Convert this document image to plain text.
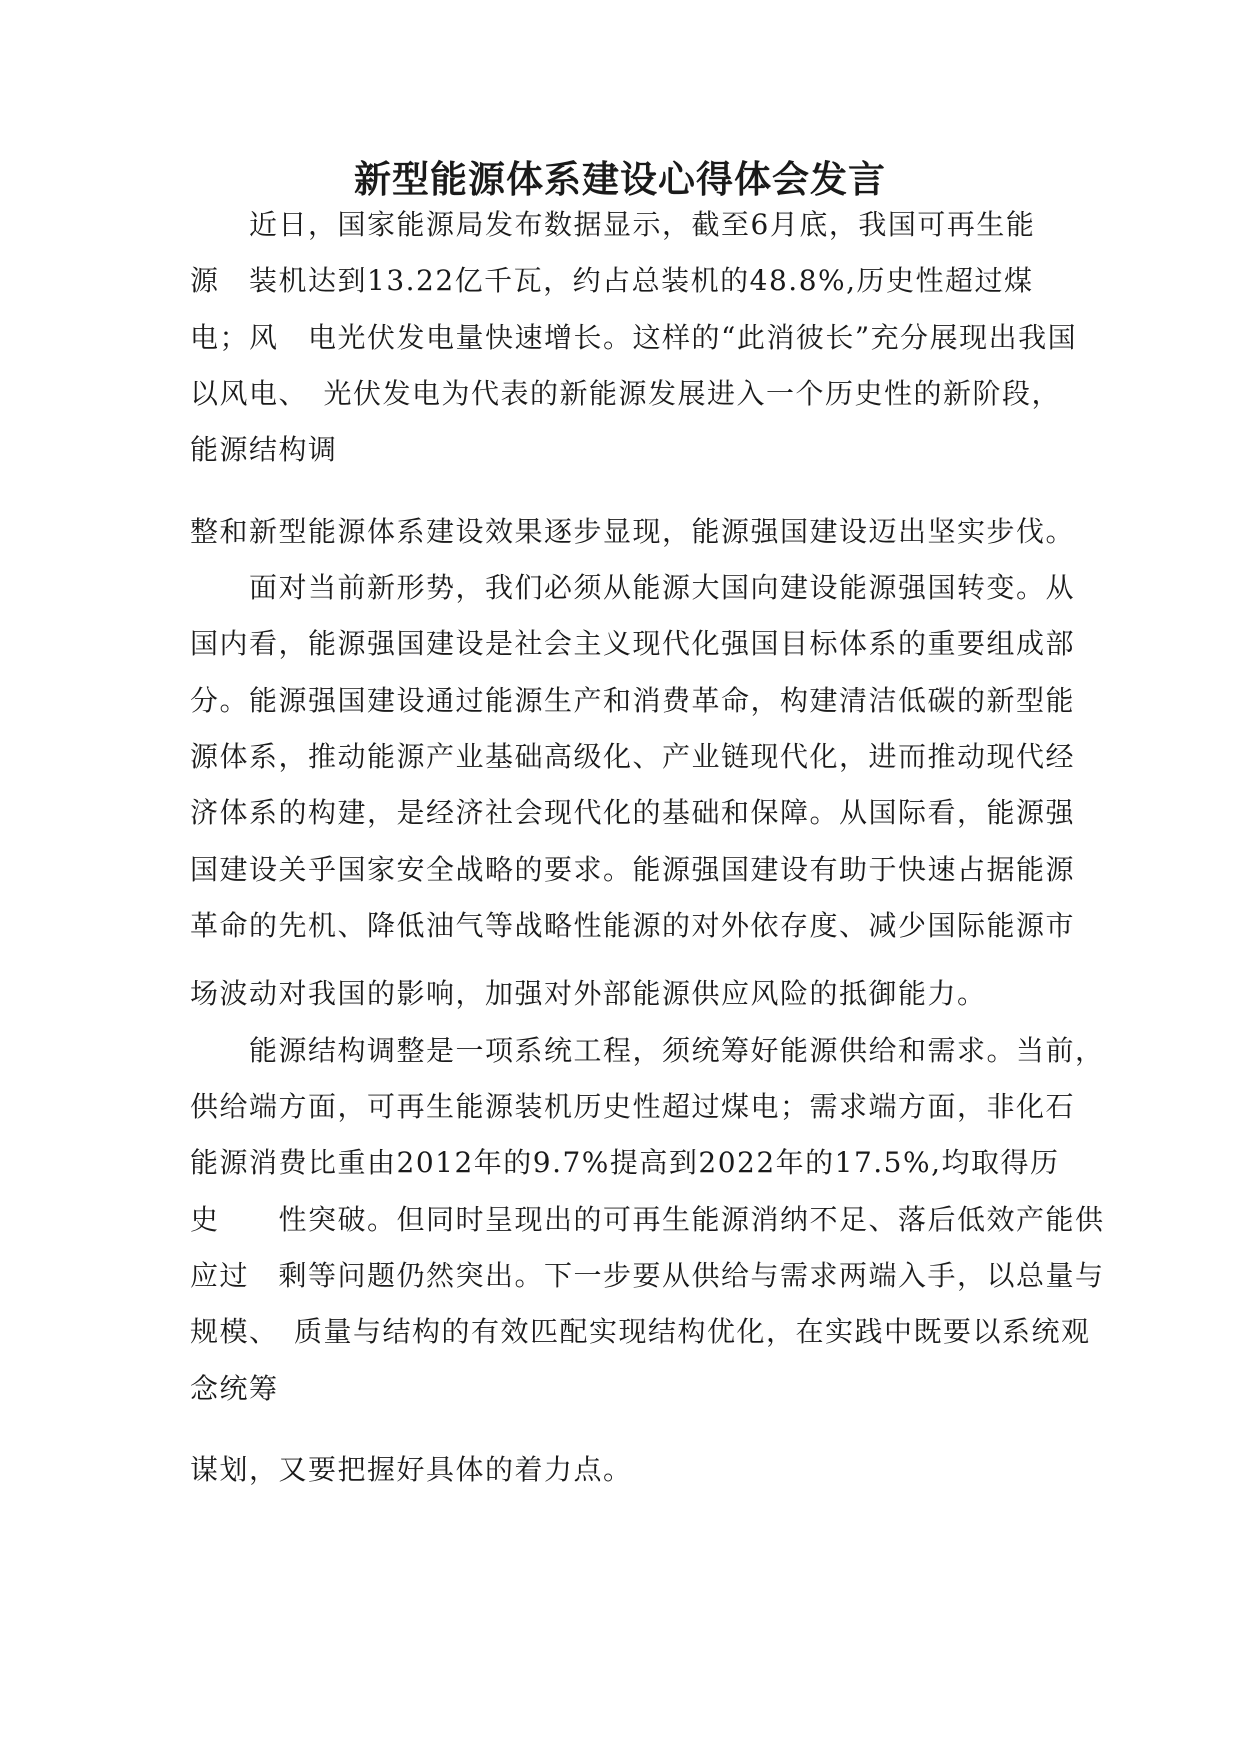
新型能源体系建设心得体会发言
　　近日，国家能源局发布数据显示，截至6月底，我国可再生能
源　装机达到13.22亿千瓦，约占总装机的48.8%,历史性超过煤
电；风　电光伏发电量快速增长。这样的“此消彼长”充分展现出我国
以风电、　光伏发电为代表的新能源发展进入一个历史性的新阶段，
能源结构调
整和新型能源体系建设效果逐步显现，能源强国建设迈出坚实步伐。
　　面对当前新形势，我们必须从能源大国向建设能源强国转变。从
国内看，能源强国建设是社会主义现代化强国目标体系的重要组成部
分。能源强国建设通过能源生产和消费革命，构建清洁低碳的新型能
源体系，推动能源产业基础高级化、产业链现代化，进而推动现代经
济体系的构建，是经济社会现代化的基础和保障。从国际看，能源强
国建设关乎国家安全战略的要求。能源强国建设有助于快速占据能源
革命的先机、降低油气等战略性能源的对外依存度、减少国际能源市
场波动对我国的影响，加强对外部能源供应风险的抵御能力。
　　能源结构调整是一项系统工程，须统筹好能源供给和需求。当前，
供给端方面，可再生能源装机历史性超过煤电；需求端方面，非化石
能源消费比重由2012年的9.7%提高到2022年的17.5%,均取得历
史　　性突破。但同时呈现出的可再生能源消纳不足、落后低效产能供
应过　剩等问题仍然突出。下一步要从供给与需求两端入手，以总量与
规模、　质量与结构的有效匹配实现结构优化，在实践中既要以系统观
念统筹
谋划，又要把握好具体的着力点。
